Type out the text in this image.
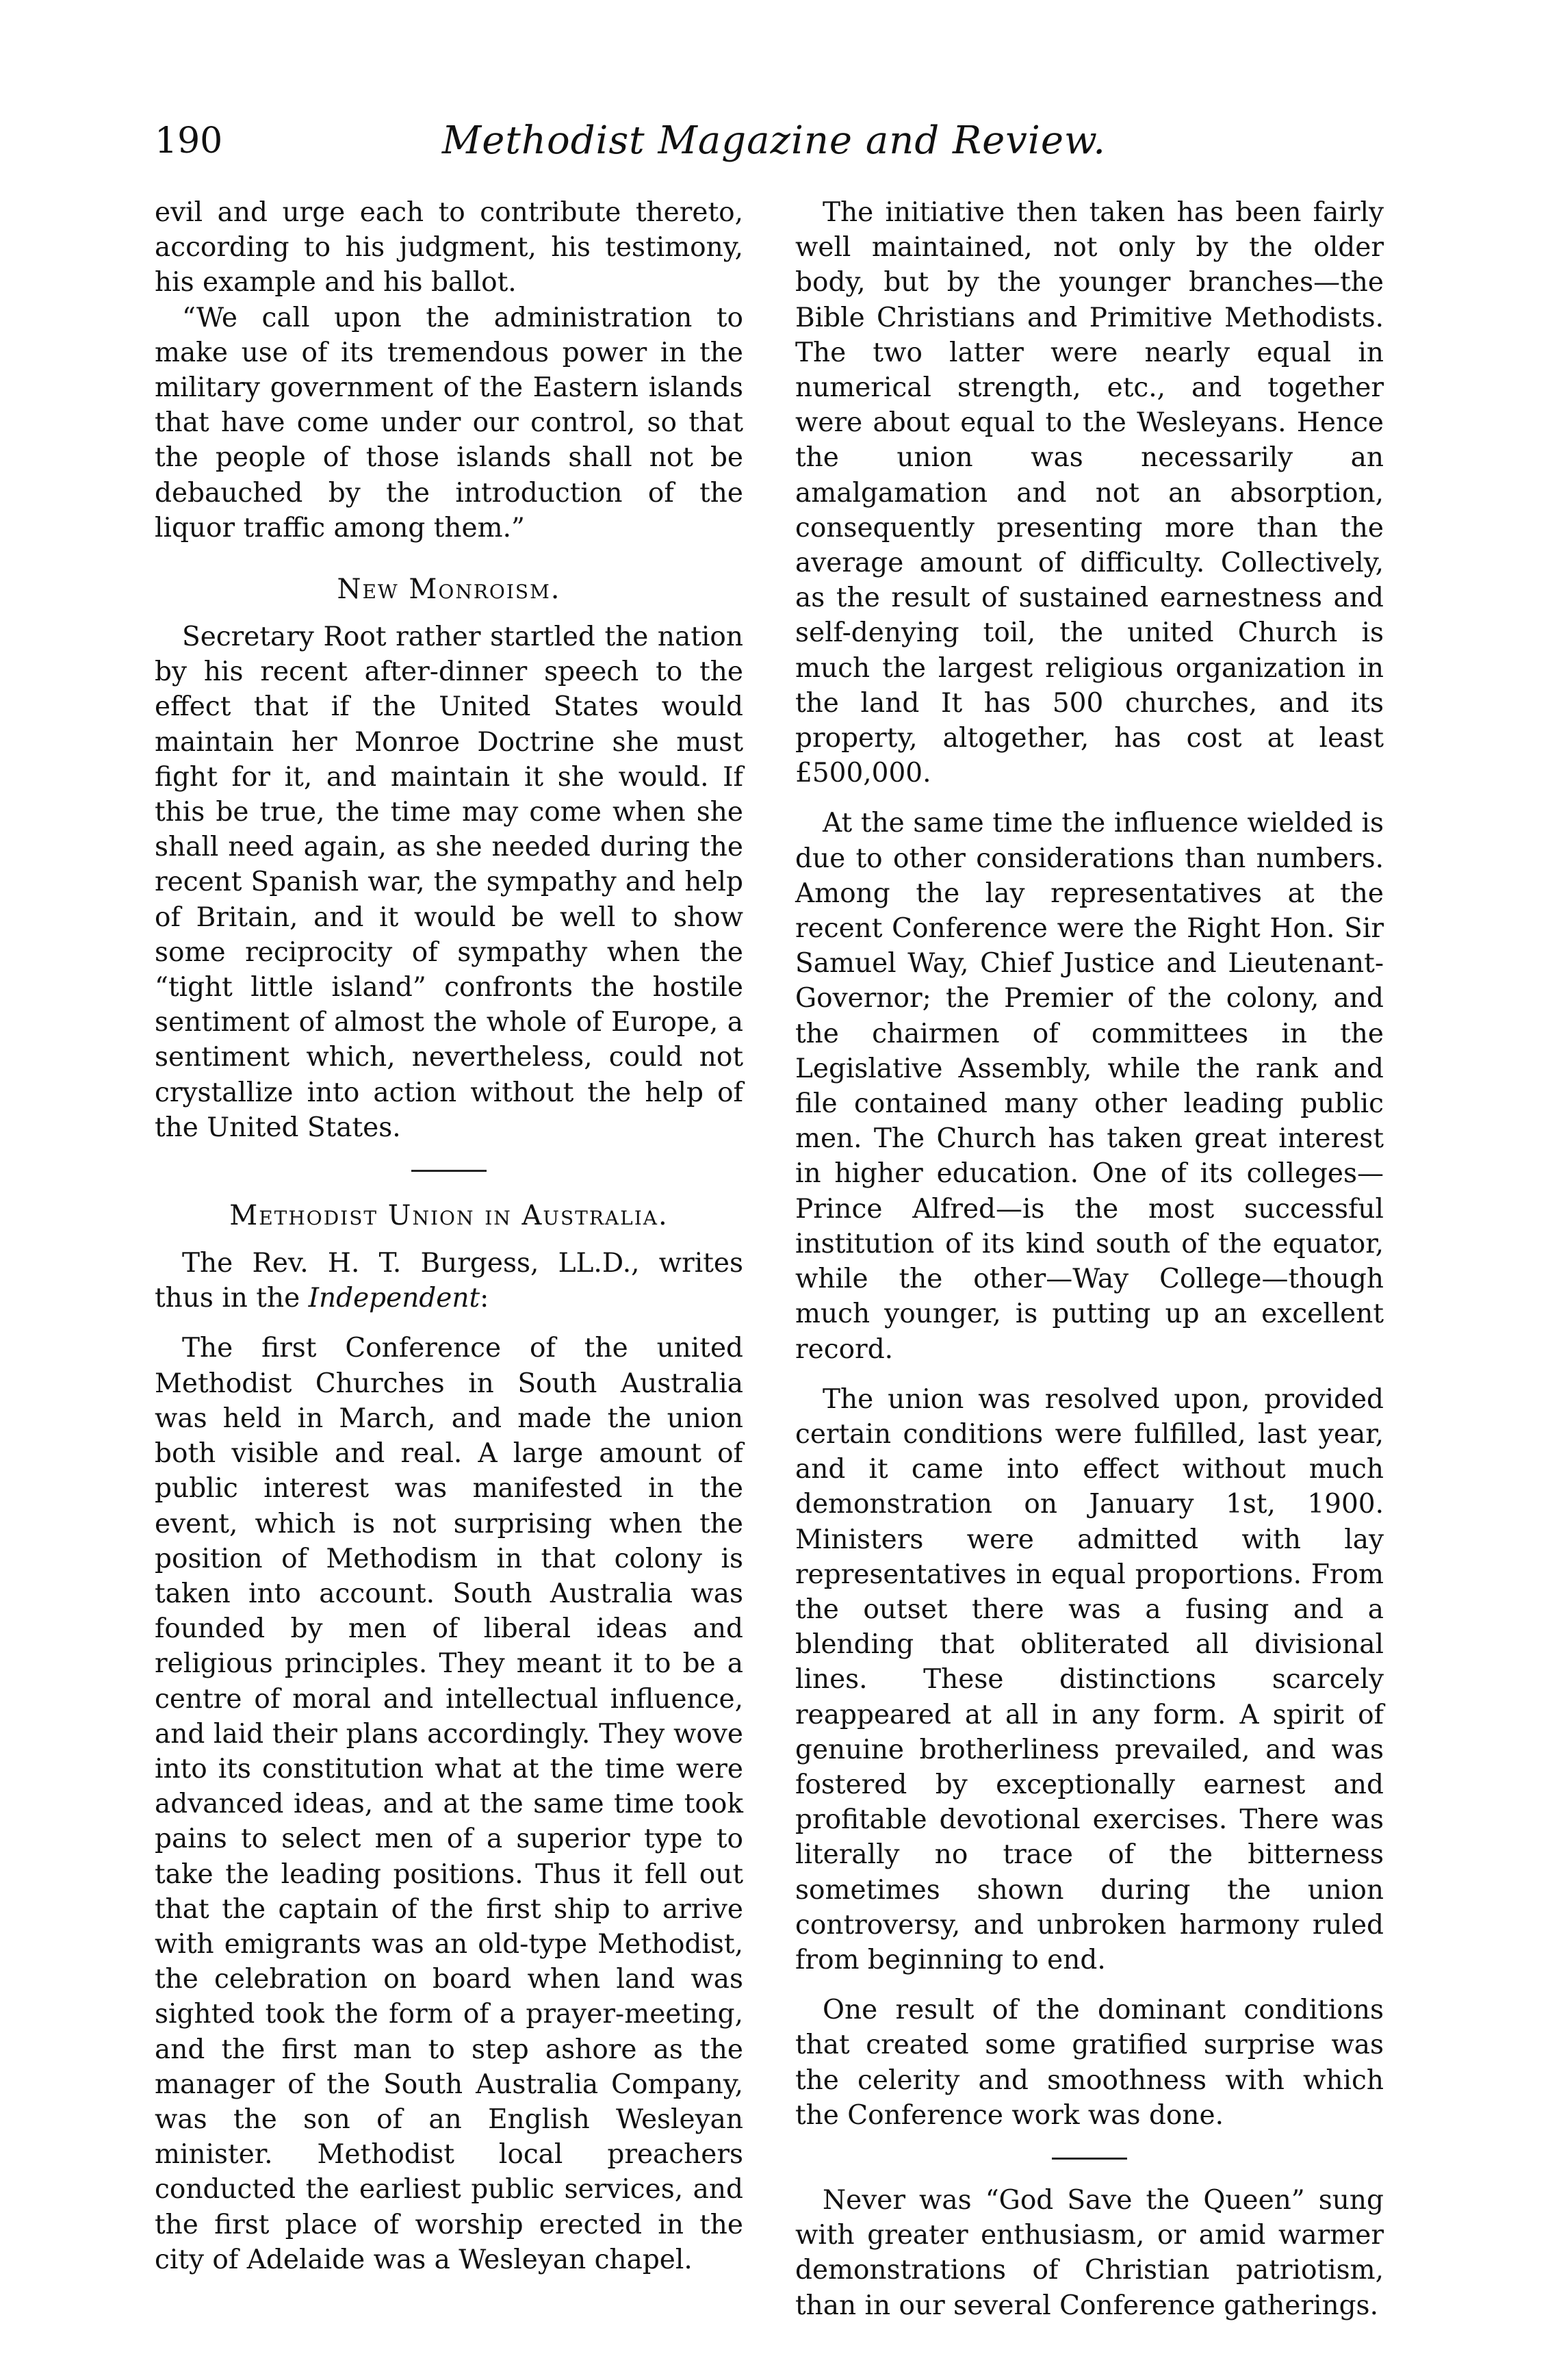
190	Methodist Magazine and Review.

evil and urge each to contribute thereto, according to his judgment, his testimony, his example and his ballot.

“We call upon the administration to make use of its tremendous power in the military government of the Eastern islands that have come under our control, so that the people of those islands shall not be debauched by the introduction of the liquor traffic among them.”

New Monroism.

Secretary Root rather startled the nation by his recent after-dinner speech to the effect that if the United States would maintain her Monroe Doctrine she must fight for it, and maintain it she would. If this be true, the time may come when she shall need again, as she needed during the recent Spanish war, the sympathy and help of Britain, and it would be well to show some reciprocity of sympathy when the “tight little island” confronts the hostile sentiment of almost the whole of Europe, a sentiment which, nevertheless, could not crystallize into action without the help of the United States.

Methodist Union in Australia.

The Rev. H. T. Burgess, LL.D., writes thus in the Independent:

The first Conference of the united Methodist Churches in South Australia was held in March, and made the union both visible and real. A large amount of public interest was manifested in the event, which is not surprising when the position of Methodism in that colony is taken into account. South Australia was founded by men of liberal ideas and religious principles. They meant it to be a centre of moral and intellectual influence, and laid their plans accordingly. They wove into its constitution what at the time were advanced ideas, and at the same time took pains to select men of a superior type to take the leading positions. Thus it fell out that the captain of the first ship to arrive with emigrants was an old-type Methodist, the celebration on board when land was sighted took the form of a prayer-meeting, and the first man to step ashore as the manager of the South Australia Company, was the son of an English Wesleyan minister. Methodist local preachers conducted the earliest public services, and the first place of worship erected in the city of Adelaide was a Wesleyan chapel.

The initiative then taken has been fairly well maintained, not only by the older body, but by the younger branches—the Bible Christians and Primitive Methodists. The two latter were nearly equal in numerical strength, etc., and together were about equal to the Wesleyans. Hence the union was necessarily an amalgamation and not an absorption, consequently presenting more than the average amount of difficulty. Collectively, as the result of sustained earnestness and self-denying toil, the united Church is much the largest religious organization in the land It has 500 churches, and its property, altogether, has cost at least £500,000.

At the same time the influence wielded is due to other considerations than numbers. Among the lay representatives at the recent Conference were the Right Hon. Sir Samuel Way, Chief Justice and Lieutenant-Governor; the Premier of the colony, and the chairmen of committees in the Legislative Assembly, while the rank and file contained many other leading public men. The Church has taken great interest in higher education. One of its colleges—Prince Alfred—is the most successful institution of its kind south of the equator, while the other—Way College—though much younger, is putting up an excellent record.

The union was resolved upon, provided certain conditions were fulfilled, last year, and it came into effect without much demonstration on January 1st, 1900. Ministers were admitted with lay representatives in equal proportions. From the outset there was a fusing and a blending that obliterated all divisional lines. These distinctions scarcely reappeared at all in any form. A spirit of genuine brotherliness prevailed, and was fostered by exceptionally earnest and profitable devotional exercises. There was literally no trace of the bitterness sometimes shown during the union controversy, and unbroken harmony ruled from beginning to end.

One result of the dominant conditions that created some gratified surprise was the celerity and smoothness with which the Conference work was done.

Never was “God Save the Queen” sung with greater enthusiasm, or amid warmer demonstrations of Christian patriotism, than in our several Conference gatherings.
